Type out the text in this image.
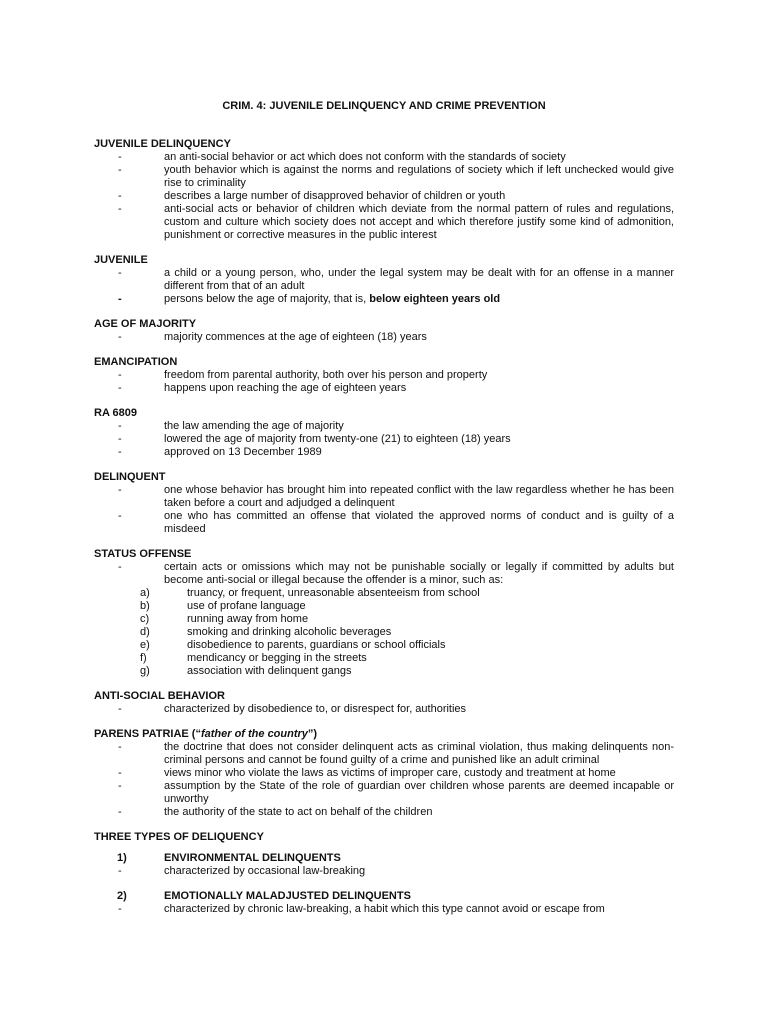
CRIM. 4: JUVENILE DELINQUENCY AND CRIME PREVENTION
JUVENILE DELINQUENCY
-	an anti-social behavior or act which does not conform with the standards of society
-	youth behavior which is against the norms and regulations of society which if left unchecked would give rise to criminality
-	describes a large number of disapproved behavior of children or youth
-	anti-social acts or behavior of children which deviate from the normal pattern of rules and regulations, custom and culture which society does not accept and which therefore justify some kind of admonition, punishment or corrective measures in the public interest
JUVENILE
-	a child or a young person, who, under the legal system may be dealt with for an offense in a manner different from that of an adult
-	persons below the age of majority, that is, below eighteen years old
AGE OF MAJORITY
-	majority commences at the age of eighteen (18) years
EMANCIPATION
-	freedom from parental authority, both over his person and property
-	happens upon reaching the age of eighteen years
RA 6809
-	the law amending the age of majority
-	lowered the age of majority from twenty-one (21) to eighteen (18) years
-	approved on 13 December 1989
DELINQUENT
-	one whose behavior has brought him into repeated conflict with the law regardless whether he has been taken before a court and adjudged a delinquent
-	one who has committed an offense that violated the approved norms of conduct and is guilty of a misdeed
STATUS OFFENSE
-	certain acts or omissions which may not be punishable socially or legally if committed by adults but become anti-social or illegal because the offender is a minor, such as:
a)	truancy, or frequent, unreasonable absenteeism from school
b)	use of profane language
c)	running away from home
d)	smoking and drinking alcoholic beverages
e)	disobedience to parents, guardians or school officials
f)	mendicancy or begging in the streets
g)	association with delinquent gangs
ANTI-SOCIAL BEHAVIOR
-	characterized by disobedience to, or disrespect for, authorities
PARENS PATRIAE (“father of the country”)
-	the doctrine that does not consider delinquent acts as criminal violation, thus making delinquents non-criminal persons and cannot be found guilty of a crime and punished like an adult criminal
-	views minor who violate the laws as victims of improper care, custody and treatment at home
-	assumption by the State of the role of guardian over children whose parents are deemed incapable or unworthy
-	the authority of the state to act on behalf of the children
THREE TYPES OF DELIQUENCY
1)	ENVIRONMENTAL DELINQUENTS
-	characterized by occasional law-breaking
2)	EMOTIONALLY MALADJUSTED DELINQUENTS
-	characterized by chronic law-breaking, a habit which this type cannot avoid or escape from
